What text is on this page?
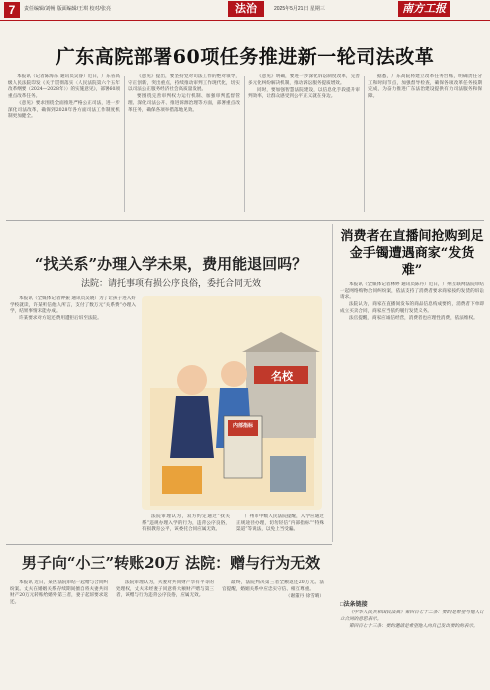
7	责任编辑/刘畅 版面编辑/王琪 校对/张亮	法治	2025年5月21日 星期三	南方工报
广东高院部署60项任务推进新一轮司法改革

本报讯（记者陈海东 通讯员吴睿）近日，广东省高级人民法院印发《关于贯彻落实〈人民法院第六个五年改革纲要（2024—2028年）〉的实施意见》，部署60项重点改革任务。

《意见》要求围绕全面推进严格公正司法，进一步深化司法改革，确保到2028年各方面司法工作制度机制更加健全。

《意见》提出，要坚持党对司法工作的绝对领导，守正创新，突出重点，持续推动审判工作现代化，切实以司法公正服务经济社会高质量发展。

要围绕完善审判权力运行机制、加强审判监督管理、深化司法公开、推进诉源治理等方面，部署重点改革任务，确保各项举措落地见效。

《意见》明确，要进一步深化诉讼制度改革，完善多元化纠纷解决机制，推动诉讼服务提质增效。

同时，要加强智慧法院建设，以信息化手段提升审判效率，让群众感受到公平正义就在身边。

据悉，广东高院将建立改革任务台账，明确责任分工和时间节点，加强督导检查，确保各项改革任务按期完成，为奋力推进广东法治建设提供有力司法服务和保障。

“找关系”办理入学未果，费用能退回吗？
法院：请托事项有损公序良俗，委托合同无效

本报讯（全媒体记者钟振 通讯员吴晓）为了让孩子进入好学校就读，许某听信他人所言，支付了数万元“关系费”办理入学，结果事情未能办成。

许某要求对方返还费用遭拒后诉至法院。

名校
内部指标

法院审理认为，双方约定通过“找关系”违规办理入学的行为，违背公序良俗，有损教育公平，该委托合同应属无效。

广州市中级人民法院提醒，入学应通过正规途径办理，切勿轻信“内部指标”“特殊渠道”等说法，以免上当受骗。

消费者在直播间抢购到足金手镯遭遇商家“发货难”

本报讯（全媒体记者林婷 通讯员陈丹）近日，广州互联网法院审结一起网络购物合同纠纷案，依法支持了消费者要求商家按约发货的诉讼请求。

法院认为，商家在直播间发布的商品信息构成要约，消费者下单即成立买卖合同，商家应当依约履行发货义务。

法官提醒，商家应诚信经营，消费者也应理性消费，依法维权。

□法条链接

《中华人民共和国民法典》第四百七十二条：要约是希望与他人订立合同的意思表示。

第四百七十三条：要约邀请是希望他人向自己发出要约的表示。

男子向“小三”转账20万 法院：赠与行为无效

本报讯 近日，某区法院审结一起赠与合同纠纷案。丈夫在婚姻关系存续期间擅自将夫妻共同财产20万元转账给婚外第三者，妻子起诉要求返还。

法院审理认为，夫妻对共同财产享有平等的处理权，丈夫未经妻子同意将大额财产赠与第三者，该赠与行为违背公序良俗，应属无效。

最终，法院判决第三者全额返还20万元。法官提醒，婚姻关系中应忠实守信、相互尊重。

（谢董丹 徐雪晴）
